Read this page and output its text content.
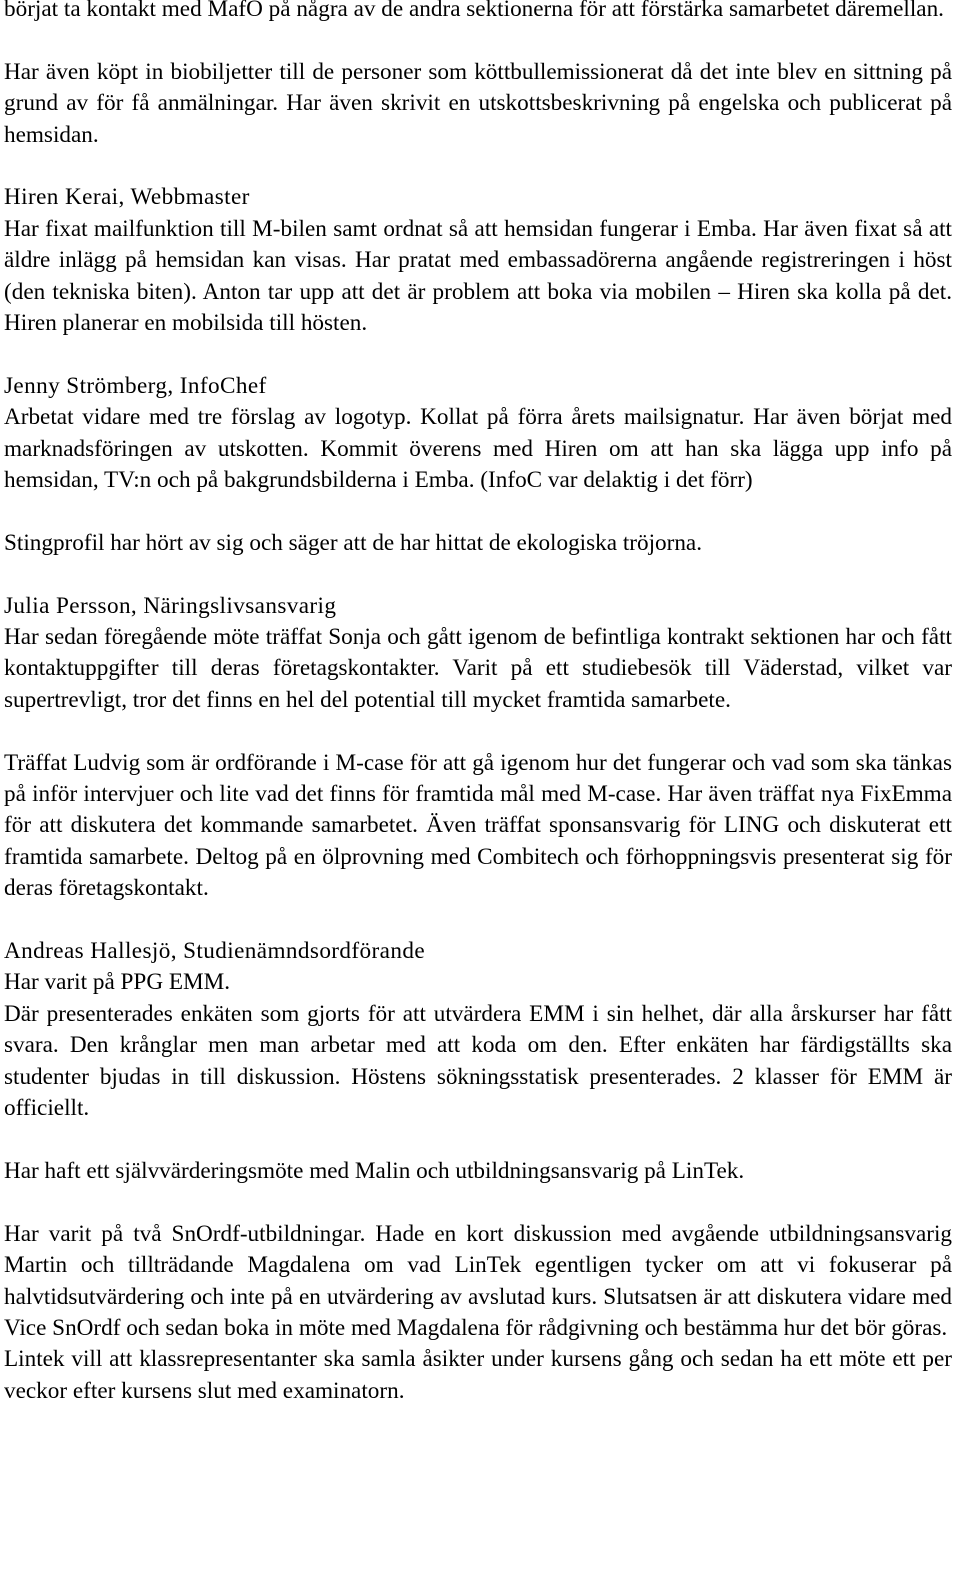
börjat ta kontakt med MafO på några av de andra sektionerna för att förstärka samarbetet däremellan.

Har även köpt in biobiljetter till de personer som köttbullemissionerat då det inte blev en sittning på grund av för få anmälningar. Har även skrivit en utskottsbeskrivning på engelska och publicerat på hemsidan.

Hiren Kerai, Webbmaster

Har fixat mailfunktion till M-bilen samt ordnat så att hemsidan fungerar i Emba. Har även fixat så att äldre inlägg på hemsidan kan visas. Har pratat med embassadörerna angående registreringen i höst (den tekniska biten). Anton tar upp att det är problem att boka via mobilen – Hiren ska kolla på det. Hiren planerar en mobilsida till hösten.

Jenny Strömberg, InfoChef

Arbetat vidare med tre förslag av logotyp. Kollat på förra årets mailsignatur. Har även börjat med marknadsföringen av utskotten. Kommit överens med Hiren om att han ska lägga upp info på hemsidan, TV:n och på bakgrundsbilderna i Emba. (InfoC var delaktig i det förr)

Stingprofil har hört av sig och säger att de har hittat de ekologiska tröjorna.

Julia Persson, Näringslivsansvarig

Har sedan föregående möte träffat Sonja och gått igenom de befintliga kontrakt sektionen har och fått kontaktuppgifter till deras företagskontakter. Varit på ett studiebesök till Väderstad, vilket var supertrevligt, tror det finns en hel del potential till mycket framtida samarbete.

Träffat Ludvig som är ordförande i M-case för att gå igenom hur det fungerar och vad som ska tänkas på inför intervjuer och lite vad det finns för framtida mål med M-case. Har även träffat nya FixEmma för att diskutera det kommande samarbetet. Även träffat sponsansvarig för LING och diskuterat ett framtida samarbete. Deltog på en ölprovning med Combitech och förhoppningsvis presenterat sig för deras företagskontakt.

Andreas Hallesjö, Studienämndsordförande

Har varit på PPG EMM.

Där presenterades enkäten som gjorts för att utvärdera EMM i sin helhet, där alla årskurser har fått svara. Den krånglar men man arbetar med att koda om den. Efter enkäten har färdigställts ska studenter bjudas in till diskussion. Höstens sökningsstatisk presenterades. 2 klasser för EMM är officiellt.

Har haft ett självvärderingsmöte med Malin och utbildningsansvarig på LinTek.

Har varit på två SnOrdf-utbildningar. Hade en kort diskussion med avgående utbildningsansvarig Martin och tillträdande Magdalena om vad LinTek egentligen tycker om att vi fokuserar på halvtidsutvärdering och inte på en utvärdering av avslutad kurs. Slutsatsen är att diskutera vidare med Vice SnOrdf och sedan boka in möte med Magdalena för rådgivning och bestämma hur det bör göras.

Lintek vill att klassrepresentanter ska samla åsikter under kursens gång och sedan ha ett möte ett per veckor efter kursens slut med examinatorn.
